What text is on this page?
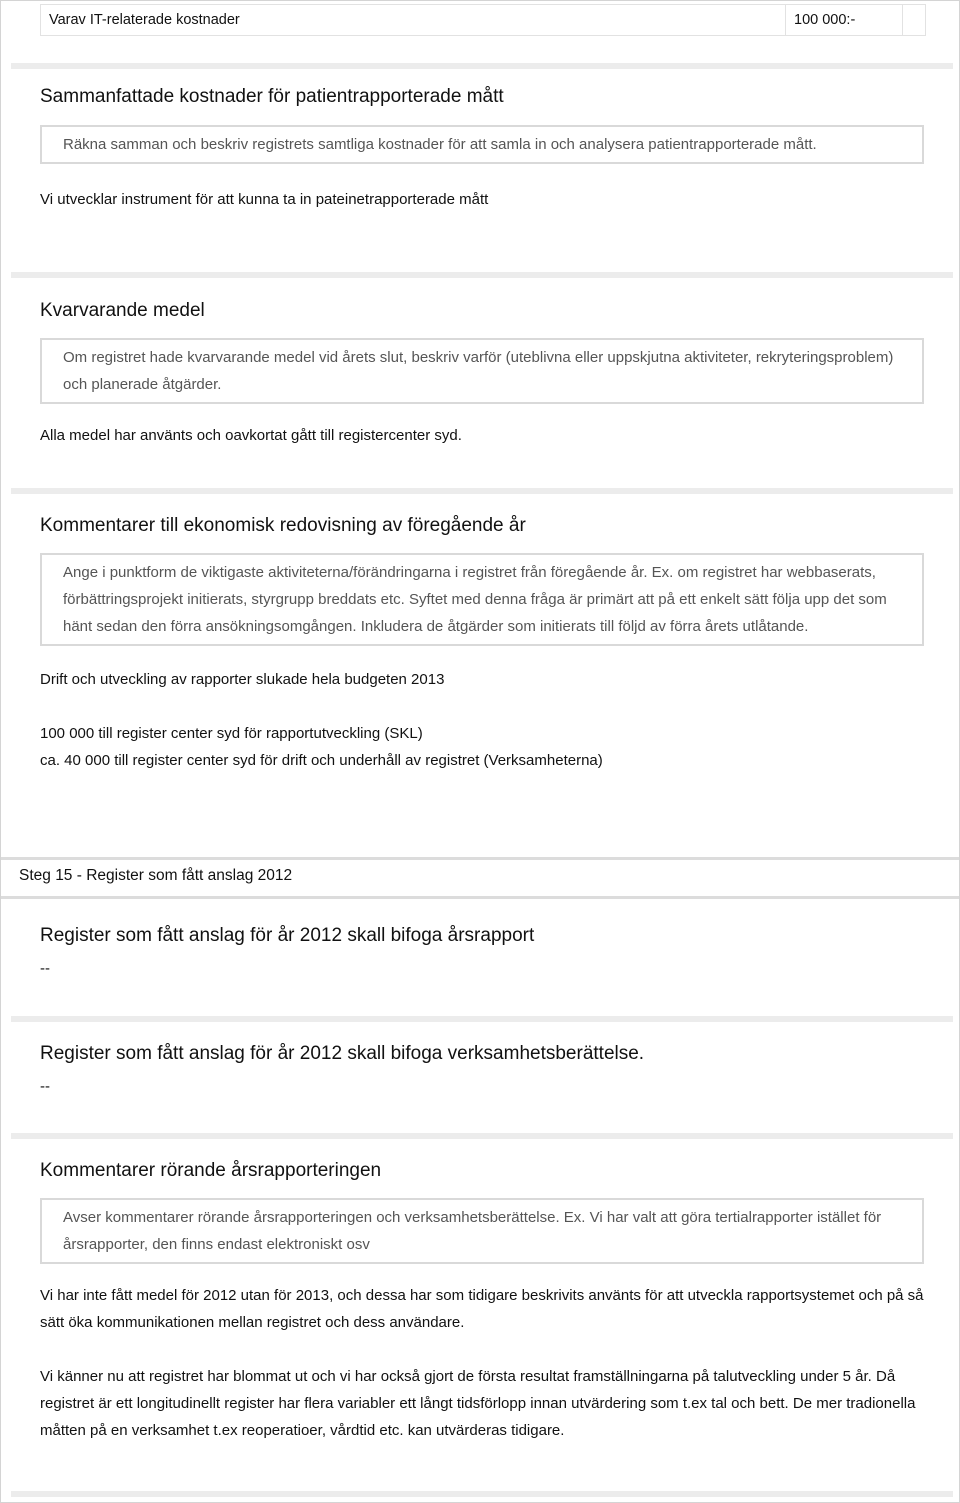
Varav IT-relaterade kostnader	100 000:-
Sammanfattade kostnader för patientrapporterade mått
Räkna samman och beskriv registrets samtliga kostnader för att samla in och analysera patientrapporterade mått.
Vi utvecklar instrument för att kunna ta in pateinetrapporterade mått
Kvarvarande medel
Om registret hade kvarvarande medel vid årets slut, beskriv varför (uteblivna eller uppskjutna aktiviteter, rekryteringsproblem) och planerade åtgärder.
Alla medel har använts och oavkortat gått till registercenter syd.
Kommentarer till ekonomisk redovisning av föregående år
Ange i punktform de viktigaste aktiviteterna/förändringarna i registret från föregående år. Ex. om registret har webbaserats, förbättringsprojekt initierats, styrgrupp breddats etc. Syftet med denna fråga är primärt att på ett enkelt sätt följa upp det som hänt sedan den förra ansökningsomgången. Inkludera de åtgärder som initierats till följd av förra årets utlåtande.
Drift och utveckling av rapporter slukade hela budgeten 2013
100 000 till register center syd för rapportutveckling (SKL)
ca. 40 000 till register center syd för drift och underhåll av registret (Verksamheterna)
Steg 15 - Register som fått anslag 2012
Register som fått anslag för år 2012 skall bifoga årsrapport
--
Register som fått anslag för år 2012 skall bifoga verksamhetsberättelse.
--
Kommentarer rörande årsrapporteringen
Avser kommentarer rörande årsrapporteringen och verksamhetsberättelse. Ex. Vi har valt att göra tertialrapporter istället för årsrapporter, den finns endast elektroniskt osv
Vi har inte fått medel för 2012 utan för 2013, och dessa har som tidigare beskrivits använts för att utveckla rapportsystemet och på så sätt öka kommunikationen mellan registret och dess användare.
Vi känner nu att registret har blommat ut och vi har också gjort de första resultat framställningarna på talutveckling under 5 år. Då registret är ett longitudinellt register har flera variabler ett långt tidsförlopp innan utvärdering som t.ex tal och bett. De mer tradionella måtten på en verksamhet t.ex reoperatioer, vårdtid etc. kan utvärderas tidigare.
